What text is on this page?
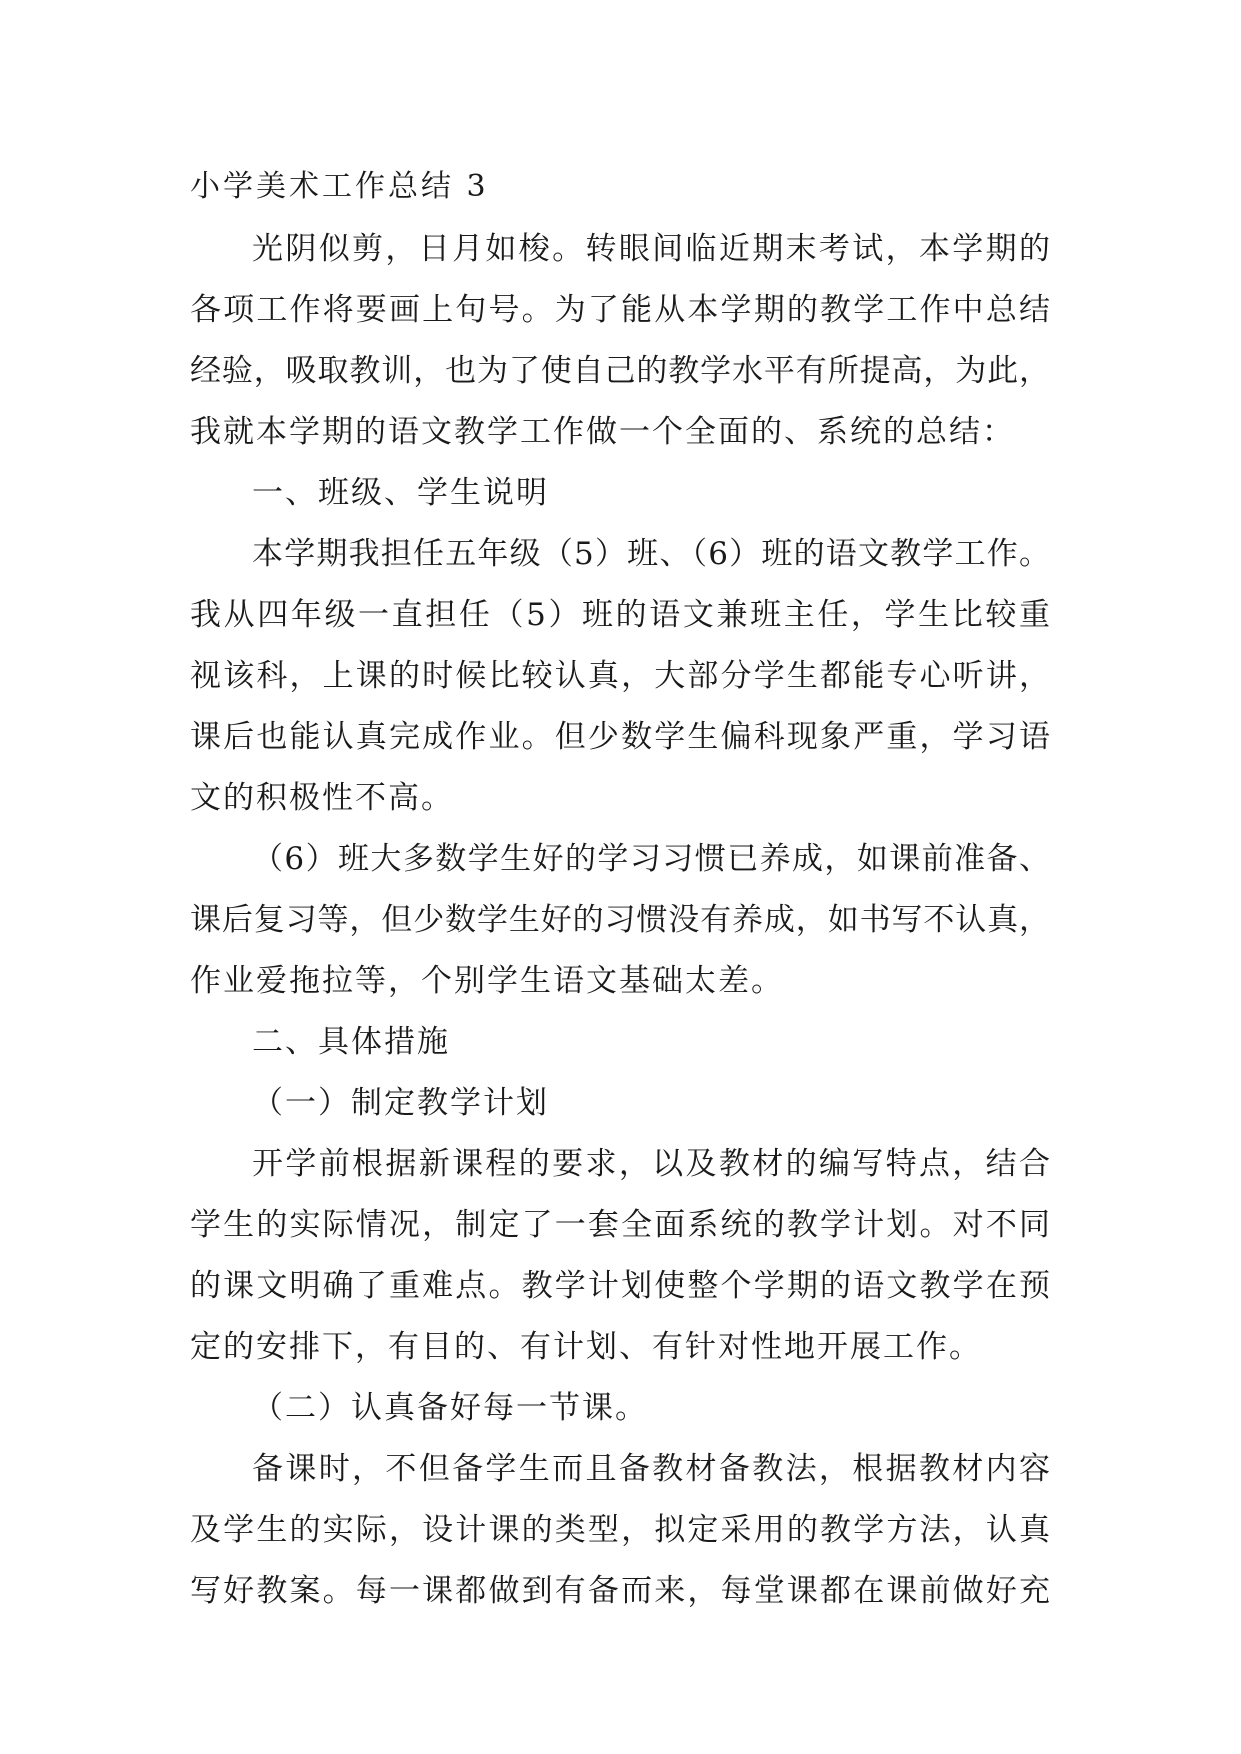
小学美术工作总结 3
光阴似剪，日月如梭。转眼间临近期末考试，本学期的
各项工作将要画上句号。为了能从本学期的教学工作中总结
经验，吸取教训，也为了使自己的教学水平有所提高，为此，
我就本学期的语文教学工作做一个全面的、系统的总结：
一、班级、学生说明
本学期我担任五年级（5）班、（6）班的语文教学工作。
我从四年级一直担任（5）班的语文兼班主任，学生比较重
视该科，上课的时候比较认真，大部分学生都能专心听讲，
课后也能认真完成作业。但少数学生偏科现象严重，学习语
文的积极性不高。
（6）班大多数学生好的学习习惯已养成，如课前准备、
课后复习等，但少数学生好的习惯没有养成，如书写不认真，
作业爱拖拉等，个别学生语文基础太差。
二、具体措施
（一）制定教学计划
开学前根据新课程的要求，以及教材的编写特点，结合
学生的实际情况，制定了一套全面系统的教学计划。对不同
的课文明确了重难点。教学计划使整个学期的语文教学在预
定的安排下，有目的、有计划、有针对性地开展工作。
（二）认真备好每一节课。
备课时，不但备学生而且备教材备教法，根据教材内容
及学生的实际，设计课的类型，拟定采用的教学方法，认真
写好教案。每一课都做到有备而来，每堂课都在课前做好充
